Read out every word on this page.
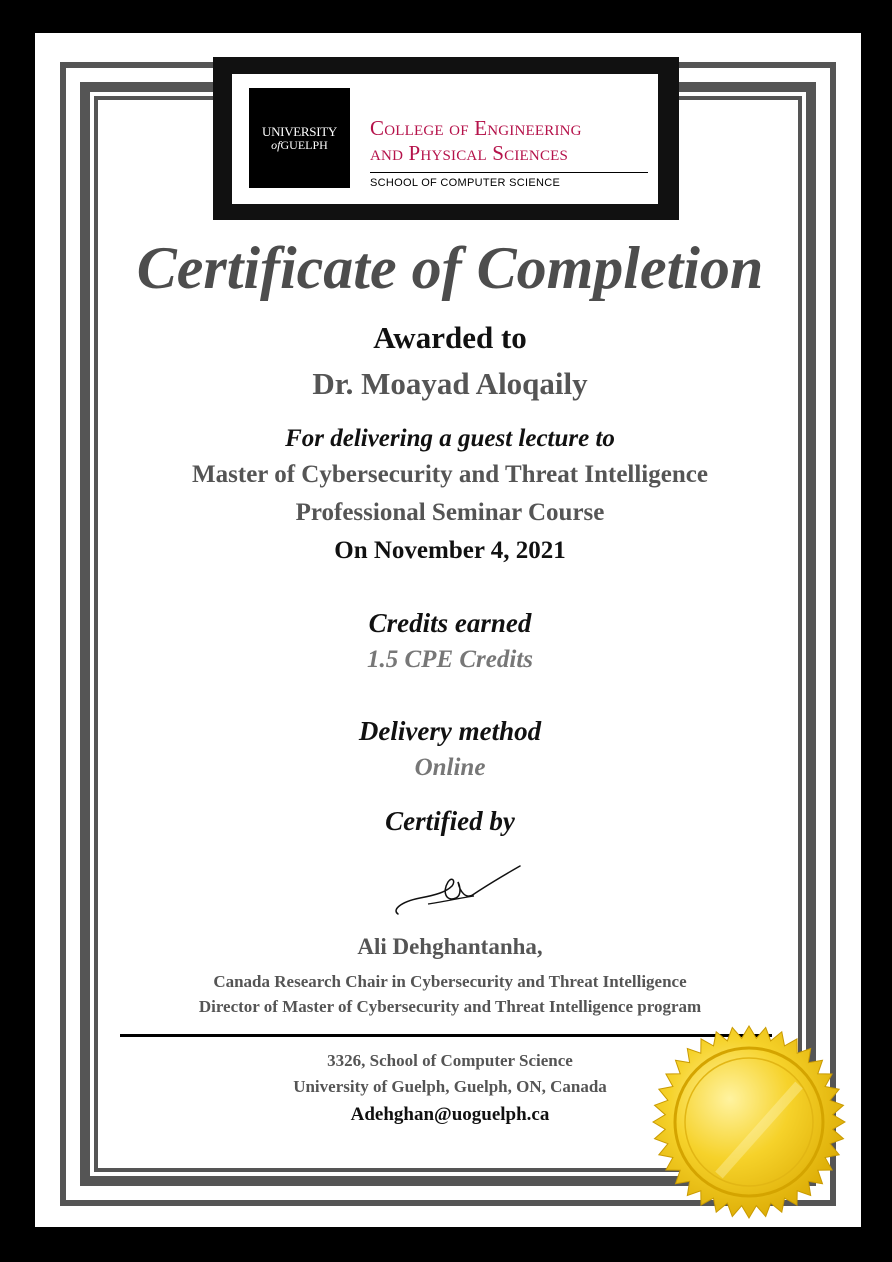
UNIVERSITY
ofGUELPH
College of Engineering
and Physical Sciences
SCHOOL OF COMPUTER SCIENCE
Certificate of Completion
Awarded to
Dr. Moayad Aloqaily
For delivering a guest lecture to
Master of Cybersecurity and Threat Intelligence
Professional Seminar Course
On November 4, 2021
Credits earned
1.5 CPE Credits
Delivery method
Online
Certified by
Ali Dehghantanha,
Canada Research Chair in Cybersecurity and Threat Intelligence
Director of Master of Cybersecurity and Threat Intelligence program
3326, School of Computer Science
University of Guelph, Guelph, ON, Canada
Adehghan@uoguelph.ca
